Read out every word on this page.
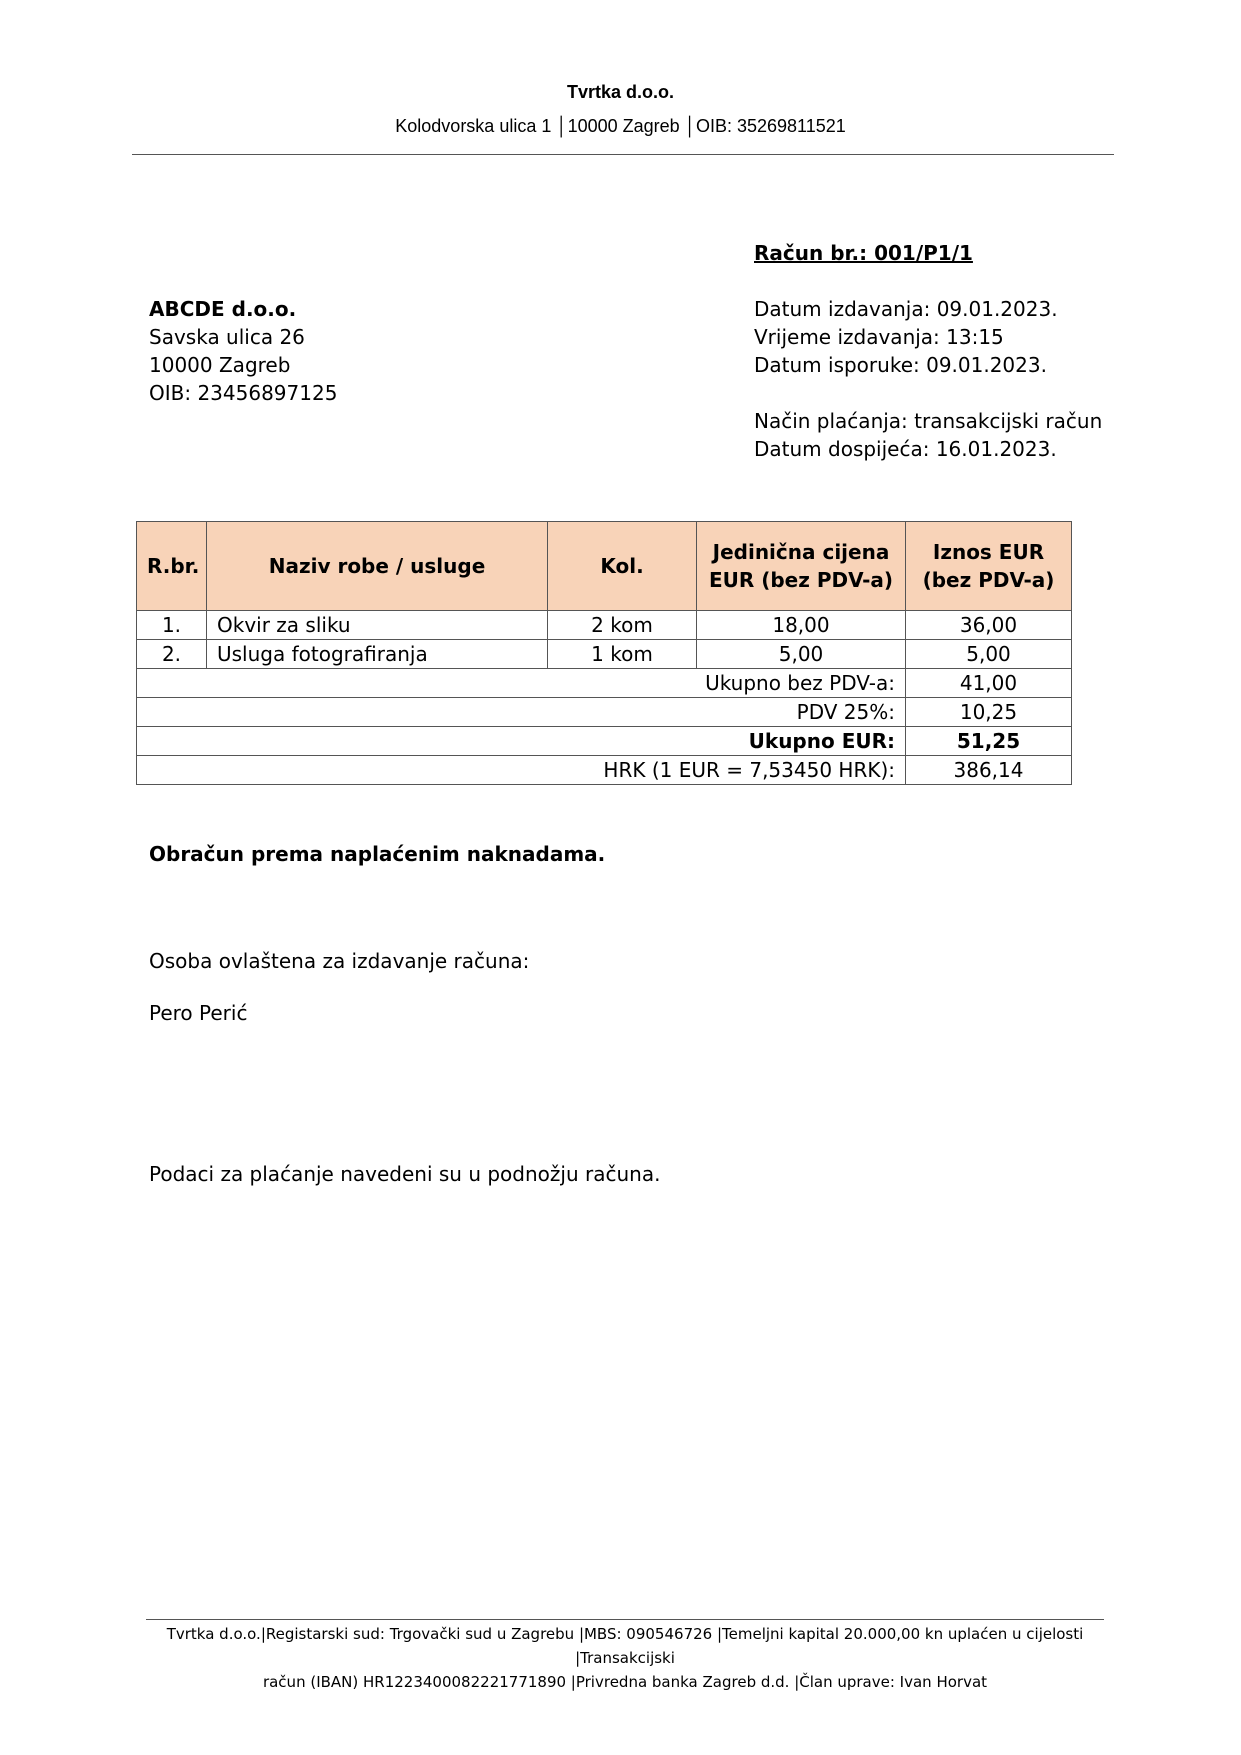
Tvrtka d.o.o.
Kolodvorska ulica 1 │10000 Zagreb │OIB: 35269811521
Račun br.: 001/P1/1
ABCDE d.o.o.
Savska ulica 26
10000 Zagreb
OIB: 23456897125
Datum izdavanja: 09.01.2023.
Vrijeme izdavanja: 13:15
Datum isporuke: 09.01.2023.
Način plaćanja: transakcijski račun
Datum dospijeća: 16.01.2023.
R.br.	Naziv robe / usluge	Kol.	Jedinična cijena EUR (bez PDV-a)	Iznos EUR (bez PDV-a)
1.	Okvir za sliku	2 kom	18,00	36,00
2.	Usluga fotografiranja	1 kom	5,00	5,00
Ukupno bez PDV-a:				41,00
PDV 25%:				10,25
Ukupno EUR:				51,25
HRK (1 EUR = 7,53450 HRK):				386,14
Obračun prema naplaćenim naknadama.
Osoba ovlaštena za izdavanje računa:
Pero Perić
Podaci za plaćanje navedeni su u podnožju računa.
Tvrtka d.o.o.|Registarski sud: Trgovački sud u Zagrebu |MBS: 090546726 |Temeljni kapital 20.000,00 kn uplaćen u cijelosti |Transakcijski
račun (IBAN) HR1223400082221771890 |Privredna banka Zagreb d.d. |Član uprave: Ivan Horvat
